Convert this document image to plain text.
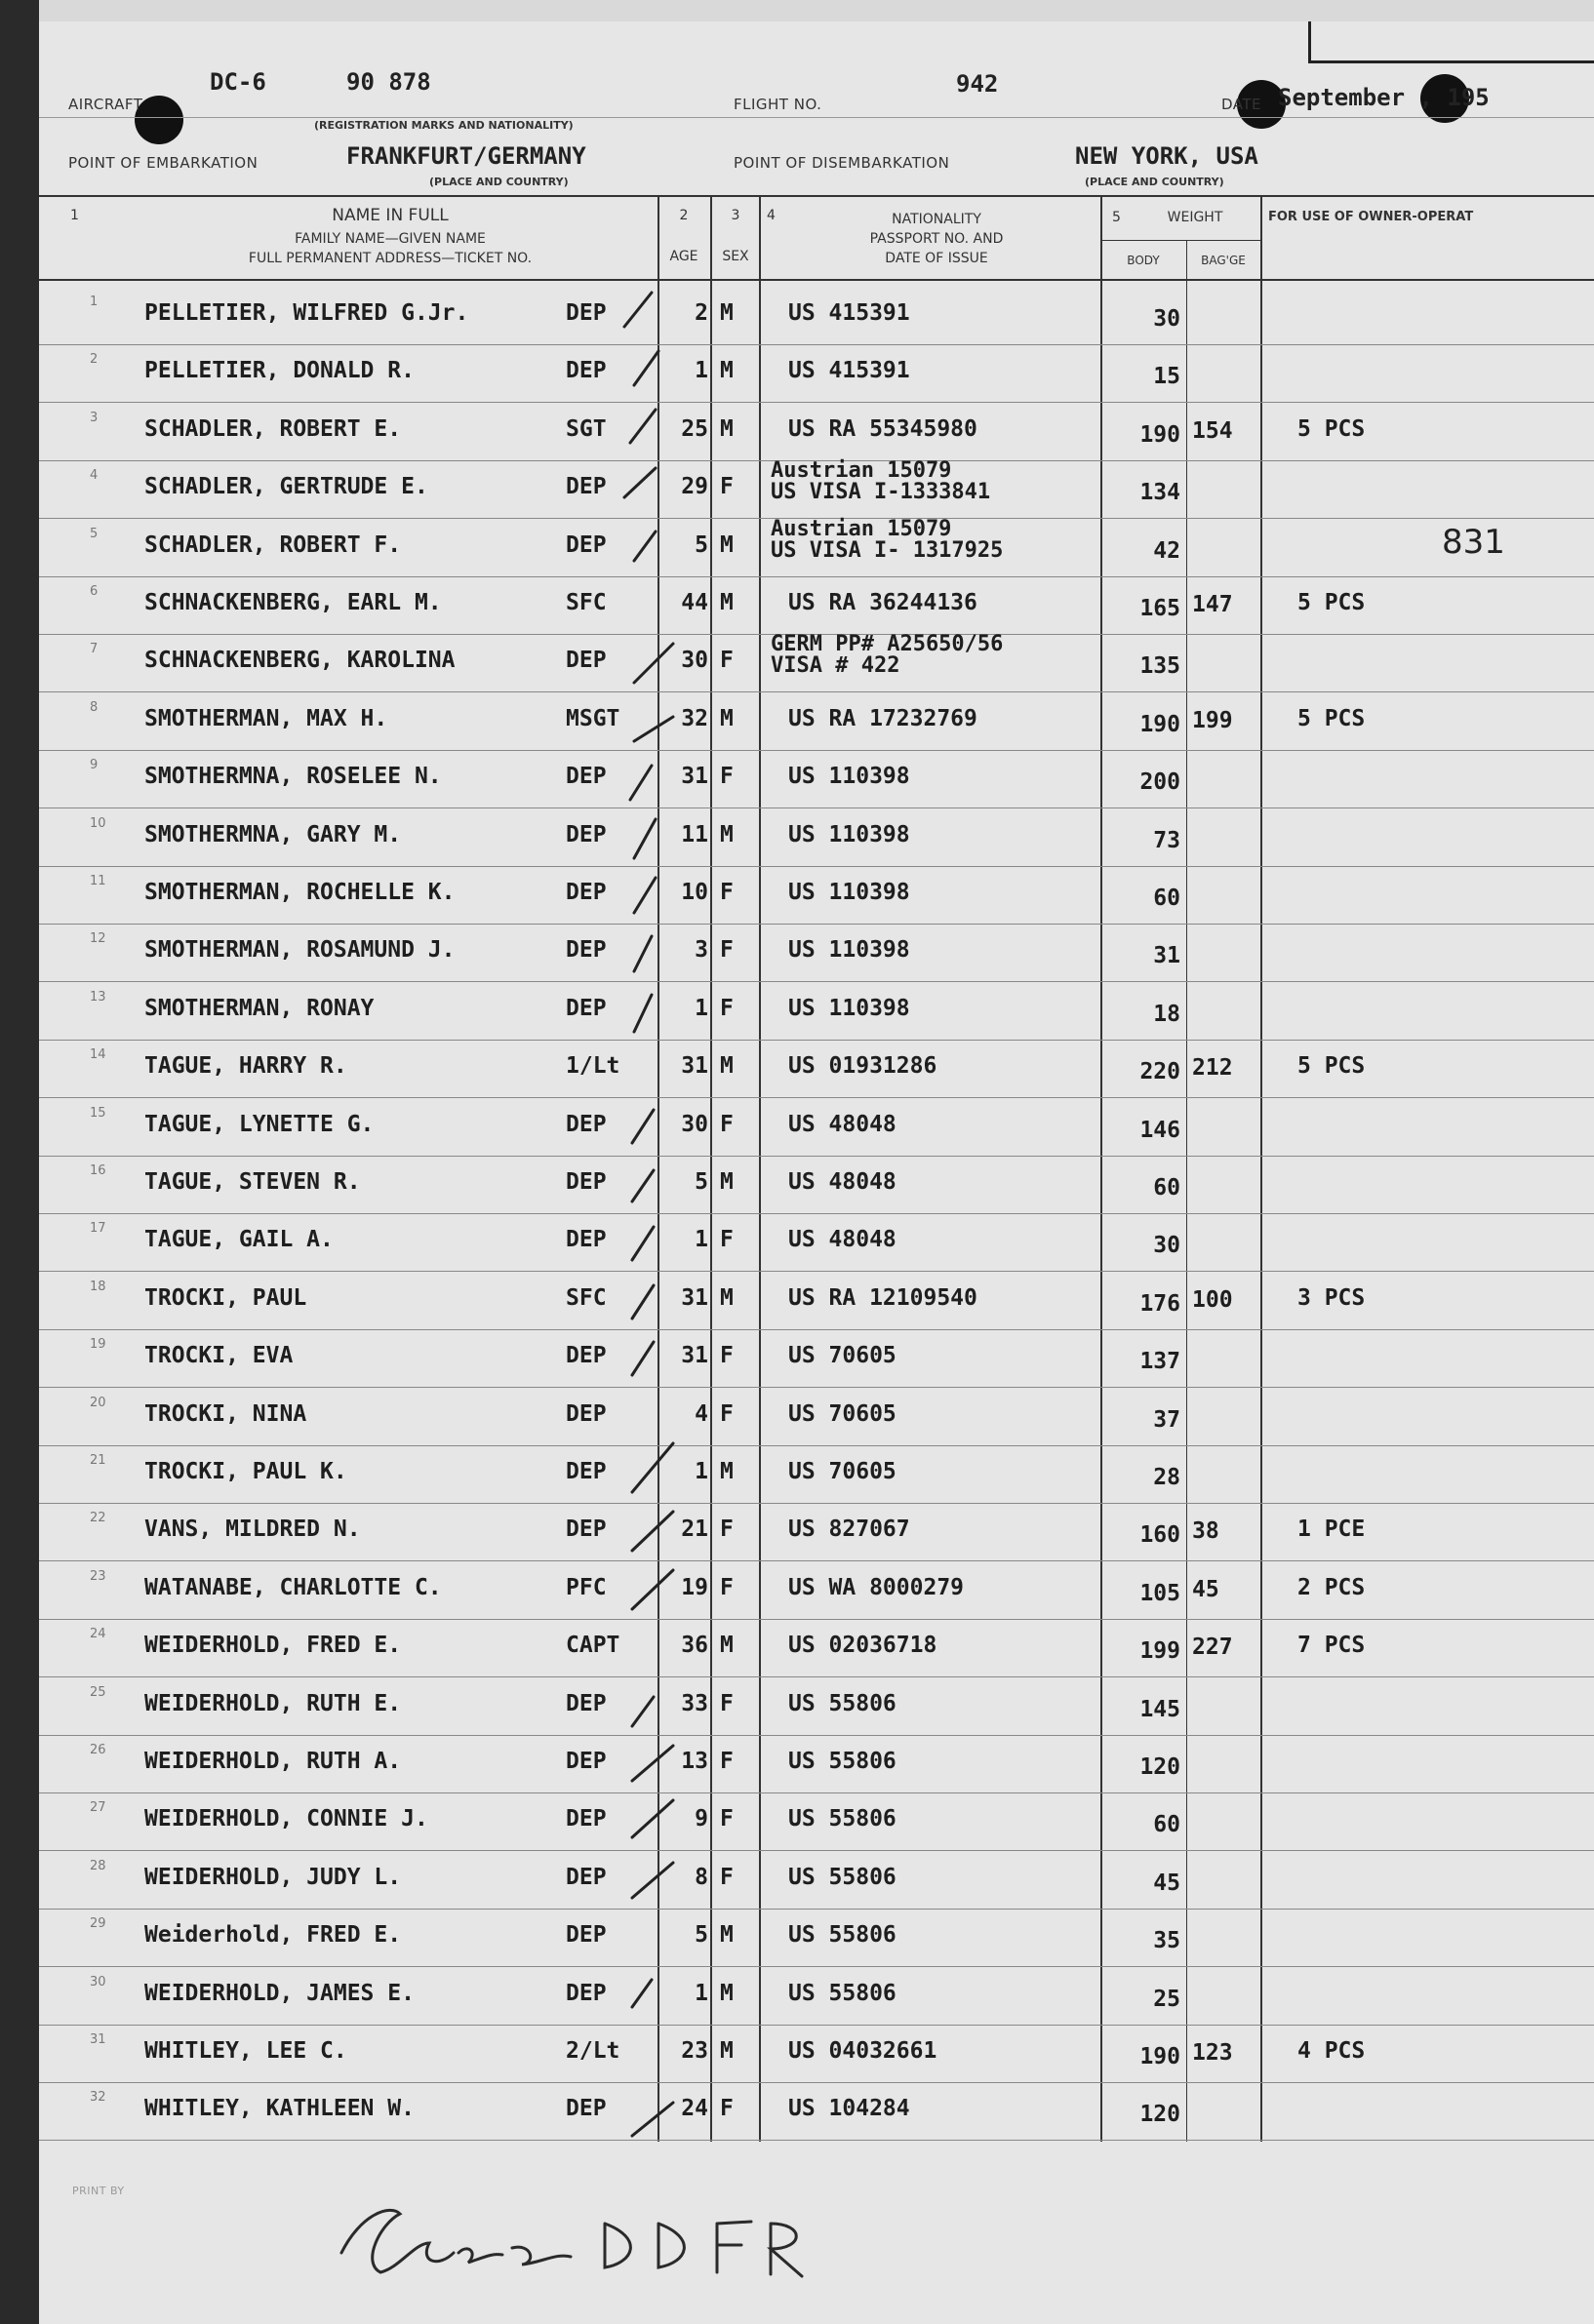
AIRCRAFT
DC-6	90 878
(REGISTRATION MARKS AND NATIONALITY)
FLIGHT NO.
942
DATE September , 195
POINT OF EMBARKATION	FRANKFURT/GERMANY
(PLACE AND COUNTRY)
POINT OF DISEMBARKATION	NEW YORK, USA
(PLACE AND COUNTRY)
1	NAME IN FULL
FAMILY NAME—GIVEN NAME
FULL PERMANENT ADDRESS—TICKET NO.
2
AGE
3
SEX
4	NATIONALITY
PASSPORT NO. AND
DATE OF ISSUE
5	WEIGHT
BODY	BAG'GE
FOR USE OF OWNER-OPERAT
1 PELLETIER, WILFRED G.Jr.	DEP	2 M US 415391	30
2 PELLETIER, DONALD R.	DEP	1 M US 415391	15
3 SCHADLER, ROBERT E.	SGT	25 M US RA 55345980	190 154	5 PCS
4 SCHADLER, GERTRUDE E.	DEP	29 F
Austrian 15079
US VISA I-1333841	134
5 SCHADLER, ROBERT F.	DEP	5 M
Austrian 15079
US VISA I- 1317925	42
6 SCHNACKENBERG, EARL M.	SFC	44 M US RA 36244136	165 147	5 PCS
7 SCHNACKENBERG, KAROLINA	DEP	30 F
GERM PP# A25650/56
VISA # 422	135
8 SMOTHERMAN, MAX H.	MSGT	32 M US RA 17232769	190 199	5 PCS
9 SMOTHERMNA, ROSELEE N.	DEP	31 F US 110398	200
10 SMOTHERMNA, GARY M.	DEP	11 M US 110398	73
11 SMOTHERMAN, ROCHELLE K.	DEP	10 F US 110398	60
12 SMOTHERMAN, ROSAMUND J.	DEP	3 F US 110398	31
13 SMOTHERMAN, RONAY	DEP	1 F US 110398	18
14 TAGUE, HARRY R.	1/Lt	31 M US 01931286	220 212	5 PCS
15 TAGUE, LYNETTE G.	DEP	30 F US 48048	146
16 TAGUE, STEVEN R.	DEP	5 M US 48048	60
17 TAGUE, GAIL A.	DEP	1 F US 48048	30
18 TROCKI, PAUL	SFC	31 M US RA 12109540	176 100	3 PCS
19 TROCKI, EVA	DEP	31 F US 70605	137
20 TROCKI, NINA	DEP	4 F US 70605	37
21 TROCKI, PAUL K.	DEP	1 M US 70605	28
22 VANS, MILDRED N.	DEP	21 F US 827067	160 38	1 PCE
23 WATANABE, CHARLOTTE C.	PFC	19 F US WA 8000279	105 45	2 PCS
24 WEIDERHOLD, FRED E.	CAPT	36 M US 02036718	199 227	7 PCS
25 WEIDERHOLD, RUTH E.	DEP	33 F US 55806	145
26 WEIDERHOLD, RUTH A.	DEP	13 F US 55806	120
27 WEIDERHOLD, CONNIE J.	DEP	9 F US 55806	60
28 WEIDERHOLD, JUDY L.	DEP	8 F US 55806	45
29 Weiderhold, FRED E.	DEP	5 M US 55806	35
30 WEIDERHOLD, JAMES E.	DEP	1 M US 55806	25
31 WHITLEY, LEE C.	2/Lt	23 M US 04032661	190 123	4 PCS
32 WHITLEY, KATHLEEN W.	DEP	24 F US 104284	120
831
PRINT BY
